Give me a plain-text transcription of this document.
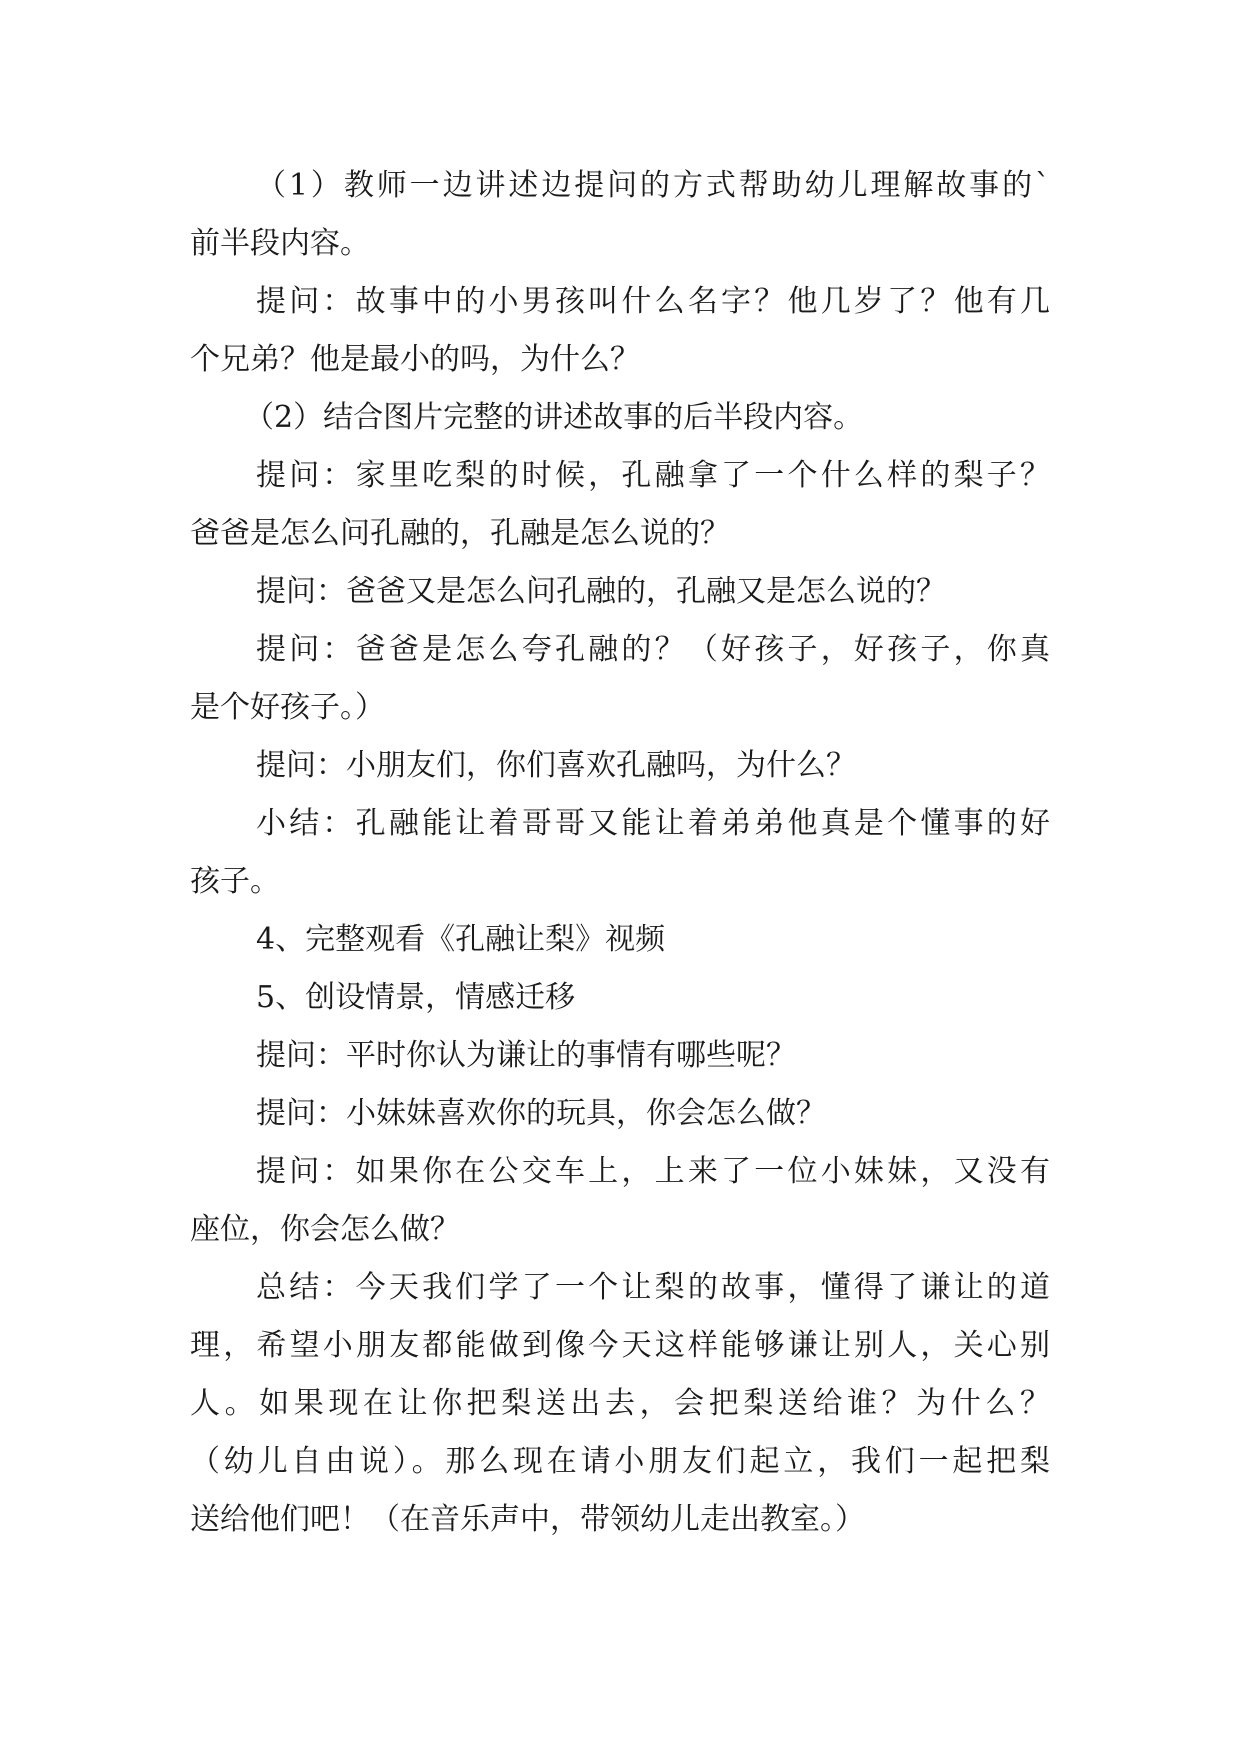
（1）教师一边讲述边提问的方式帮助幼儿理解故事的`
前半段内容。
提问：故事中的小男孩叫什么名字？他几岁了？他有几
个兄弟？他是最小的吗，为什么？
（2）结合图片完整的讲述故事的后半段内容。
提问：家里吃梨的时候，孔融拿了一个什么样的梨子？
爸爸是怎么问孔融的，孔融是怎么说的？
提问：爸爸又是怎么问孔融的，孔融又是怎么说的？
提问：爸爸是怎么夸孔融的？（好孩子，好孩子，你真
是个好孩子。）
提问：小朋友们，你们喜欢孔融吗，为什么？
小结：孔融能让着哥哥又能让着弟弟他真是个懂事的好
孩子。
4、完整观看《孔融让梨》视频
5、创设情景，情感迁移
提问：平时你认为谦让的事情有哪些呢？
提问：小妹妹喜欢你的玩具，你会怎么做？
提问：如果你在公交车上，上来了一位小妹妹，又没有
座位，你会怎么做？
总结：今天我们学了一个让梨的故事，懂得了谦让的道
理，希望小朋友都能做到像今天这样能够谦让别人，关心别
人。如果现在让你把梨送出去，会把梨送给谁？为什么？
（幼儿自由说）。那么现在请小朋友们起立，我们一起把梨
送给他们吧！（在音乐声中，带领幼儿走出教室。）
